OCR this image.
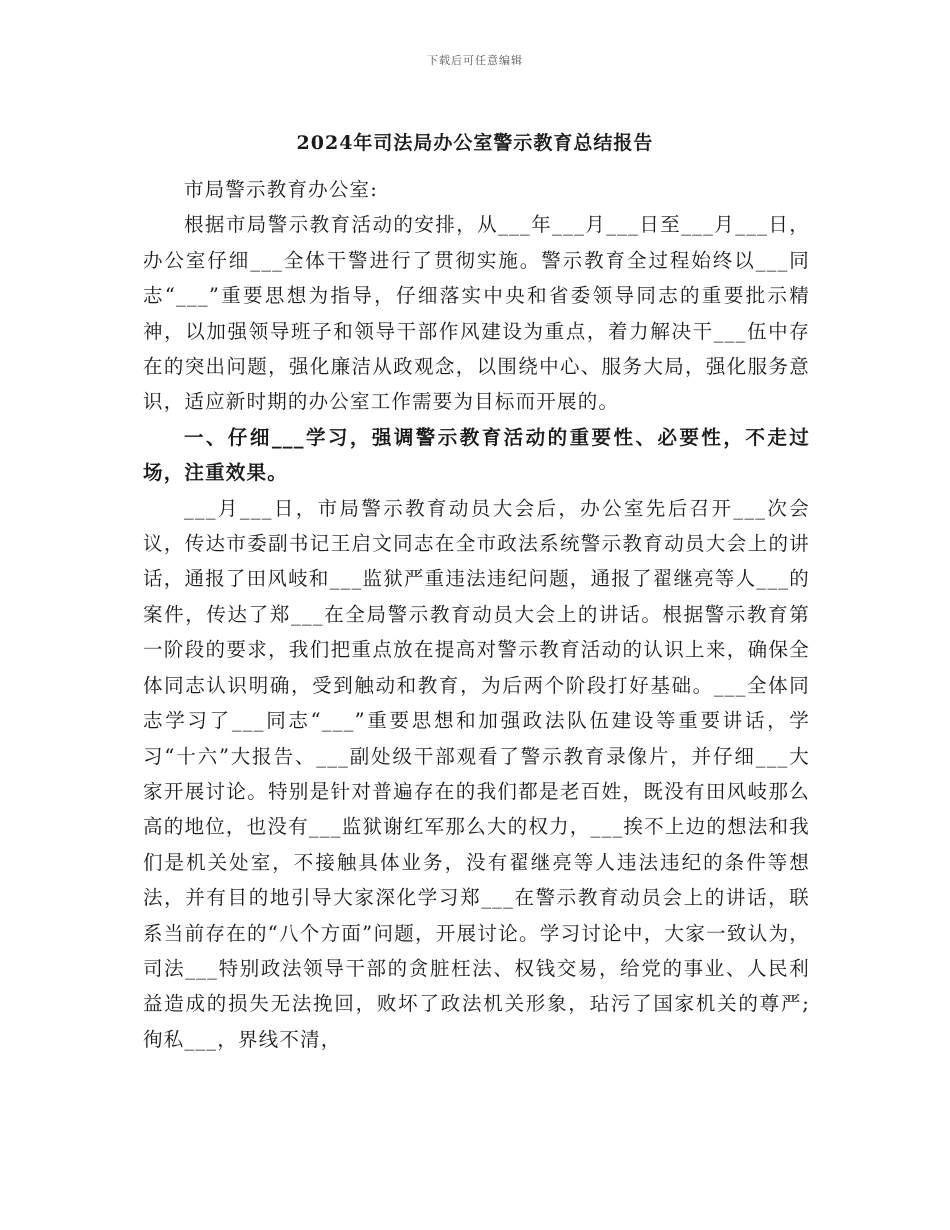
下载后可任意编辑
2024年司法局办公室警示教育总结报告

市局警示教育办公室:

根据市局警示教育活动的安排，从___年___月___日至___月___日，办公室仔细___全体干警进行了贯彻实施。警示教育全过程始终以___同志“___”重要思想为指导，仔细落实中央和省委领导同志的重要批示精神，以加强领导班子和领导干部作风建设为重点，着力解决干___伍中存在的突出问题，强化廉洁从政观念，以围绕中心、服务大局，强化服务意识，适应新时期的办公室工作需要为目标而开展的。

一、仔细___学习，强调警示教育活动的重要性、必要性，不走过场，注重效果。

___月___日，市局警示教育动员大会后，办公室先后召开___次会议，传达市委副书记王启文同志在全市政法系统警示教育动员大会上的讲话，通报了田风岐和___监狱严重违法违纪问题，通报了翟继亮等人___的案件，传达了郑___在全局警示教育动员大会上的讲话。根据警示教育第一阶段的要求，我们把重点放在提高对警示教育活动的认识上来，确保全体同志认识明确，受到触动和教育，为后两个阶段打好基础。___全体同志学习了___同志“___”重要思想和加强政法队伍建设等重要讲话，学习“十六”大报告、___副处级干部观看了警示教育录像片，并仔细___大家开展讨论。特别是针对普遍存在的我们都是老百姓，既没有田风岐那么高的地位，也没有___监狱谢红军那么大的权力，___挨不上边的想法和我们是机关处室，不接触具体业务，没有翟继亮等人违法违纪的条件等想法，并有目的地引导大家深化学习郑___在警示教育动员会上的讲话，联系当前存在的“八个方面”问题，开展讨论。学习讨论中，大家一致认为，司法___特别政法领导干部的贪脏枉法、权钱交易，给党的事业、人民利益造成的损失无法挽回，败坏了政法机关形象，玷污了国家机关的尊严;徇私___，界线不清，
